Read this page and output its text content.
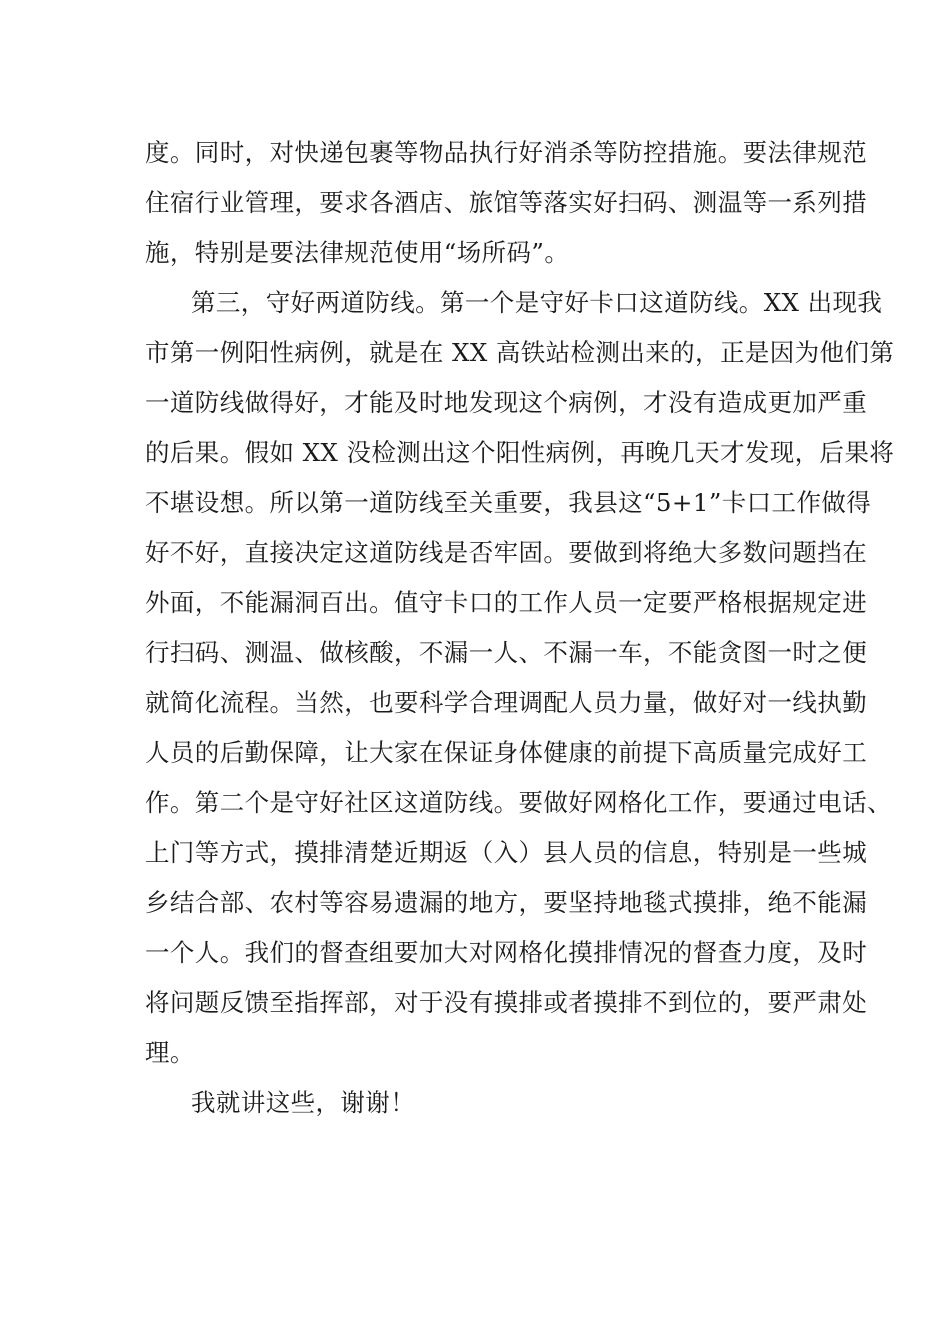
度。同时，对快递包裹等物品执行好消杀等防控措施。要法律规范
住宿行业管理，要求各酒店、旅馆等落实好扫码、测温等一系列措
施，特别是要法律规范使用“场所码”。
第三，守好两道防线。第一个是守好卡口这道防线。XX 出现我
市第一例阳性病例，就是在 XX 高铁站检测出来的，正是因为他们第
一道防线做得好，才能及时地发现这个病例，才没有造成更加严重
的后果。假如 XX 没检测出这个阳性病例，再晚几天才发现，后果将
不堪设想。所以第一道防线至关重要，我县这“5+1”卡口工作做得
好不好，直接决定这道防线是否牢固。要做到将绝大多数问题挡在
外面，不能漏洞百出。值守卡口的工作人员一定要严格根据规定进
行扫码、测温、做核酸，不漏一人、不漏一车，不能贪图一时之便
就简化流程。当然，也要科学合理调配人员力量，做好对一线执勤
人员的后勤保障，让大家在保证身体健康的前提下高质量完成好工
作。第二个是守好社区这道防线。要做好网格化工作，要通过电话、
上门等方式，摸排清楚近期返（入）县人员的信息，特别是一些城
乡结合部、农村等容易遗漏的地方，要坚持地毯式摸排，绝不能漏
一个人。我们的督查组要加大对网格化摸排情况的督查力度，及时
将问题反馈至指挥部，对于没有摸排或者摸排不到位的，要严肃处
理。
我就讲这些，谢谢！
